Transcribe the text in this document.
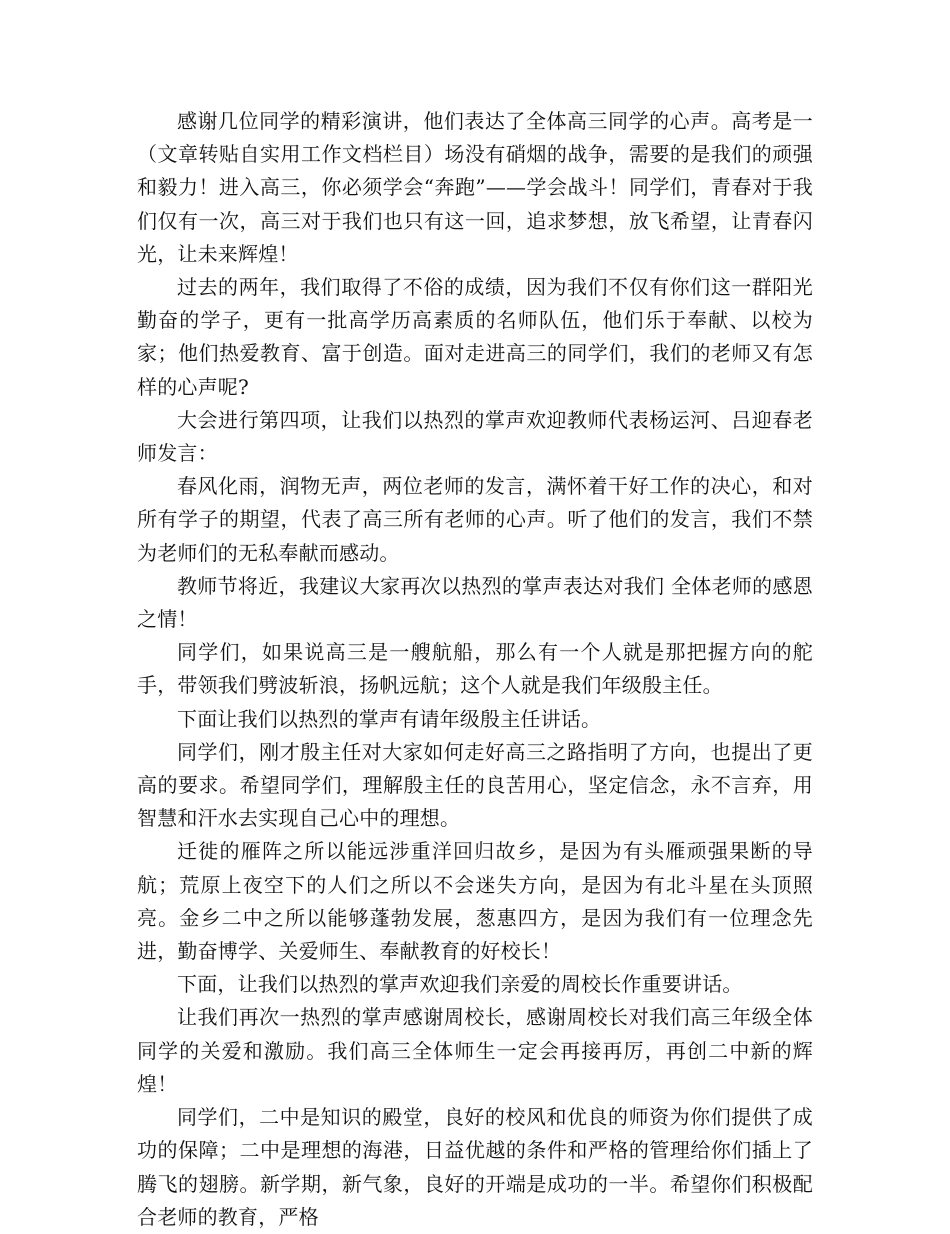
感谢几位同学的精彩演讲，他们表达了全体高三同学的心声。高考是一（文章转贴自实用工作文档栏目）场没有硝烟的战争，需要的是我们的顽强和毅力！进入高三，你必须学会“奔跑”——学会战斗！同学们，青春对于我们仅有一次，高三对于我们也只有这一回，追求梦想，放飞希望，让青春闪光，让未来辉煌！

过去的两年，我们取得了不俗的成绩，因为我们不仅有你们这一群阳光勤奋的学子，更有一批高学历高素质的名师队伍，他们乐于奉献、以校为家；他们热爱教育、富于创造。面对走进高三的同学们，我们的老师又有怎样的心声呢?

大会进行第四项，让我们以热烈的掌声欢迎教师代表杨运河、吕迎春老师发言：

春风化雨，润物无声，两位老师的发言，满怀着干好工作的决心，和对所有学子的期望，代表了高三所有老师的心声。听了他们的发言，我们不禁为老师们的无私奉献而感动。

教师节将近，我建议大家再次以热烈的掌声表达对我们 全体老师的感恩之情！

同学们，如果说高三是一艘航船，那么有一个人就是那把握方向的舵手，带领我们劈波斩浪，扬帆远航；这个人就是我们年级殷主任。

下面让我们以热烈的掌声有请年级殷主任讲话。

同学们，刚才殷主任对大家如何走好高三之路指明了方向，也提出了更高的要求。希望同学们，理解殷主任的良苦用心，坚定信念，永不言弃，用智慧和汗水去实现自己心中的理想。

迁徙的雁阵之所以能远涉重洋回归故乡，是因为有头雁顽强果断的导航；荒原上夜空下的人们之所以不会迷失方向，是因为有北斗星在头顶照亮。金乡二中之所以能够蓬勃发展，葱惠四方，是因为我们有一位理念先进，勤奋博学、关爱师生、奉献教育的好校长！

下面，让我们以热烈的掌声欢迎我们亲爱的周校长作重要讲话。

让我们再次一热烈的掌声感谢周校长，感谢周校长对我们高三年级全体同学的关爱和激励。我们高三全体师生一定会再接再厉，再创二中新的辉煌！

同学们，二中是知识的殿堂，良好的校风和优良的师资为你们提供了成功的保障；二中是理想的海港，日益优越的条件和严格的管理给你们插上了腾飞的翅膀。新学期，新气象，良好的开端是成功的一半。希望你们积极配合老师的教育，严格
